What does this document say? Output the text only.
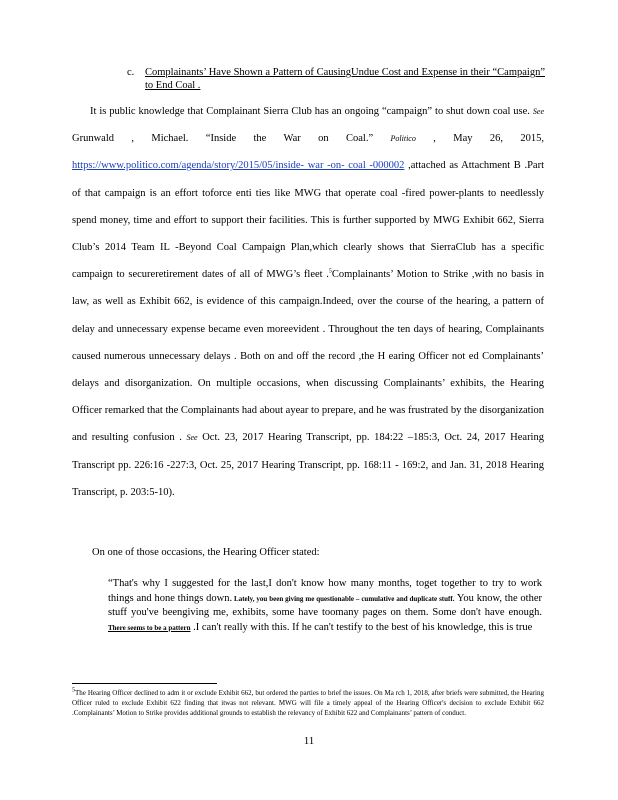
c. Complainants’ Have Shown a Pattern of CausingUndue Cost and Expense in their “Campaign” to End Coal .

It is public knowledge that Complainant Sierra Club has an ongoing “campaign” to shut down coal use. See Grunwald , Michael. “Inside the War on Coal.” Politico , May 26, 2015, https://www.politico.com/agenda/story/2015/05/inside- war -on- coal -000002 ,attached as Attachment B .Part of that campaign is an effort toforce enti ties like MWG that operate coal -fired power-plants to needlessly spend money, time and effort to support their facilities. This is further supported by MWG Exhibit 662, Sierra Club’s 2014 Team IL -Beyond Coal Campaign Plan,which clearly shows that SierraClub has a specific campaign to secureretirement dates of all of MWG’s fleet .$^5$Complainants’ Motion to Strike ,with no basis in law, as well as Exhibit 662, is evidence of this campaign.Indeed, over the course of the hearing, a pattern of delay and unnecessary expense became even moreevident . Throughout the ten days of hearing, Complainants caused numerous unnecessary delays . Both on and off the record ,the H earing Officer not ed Complainants’ delays and disorganization. On multiple occasions, when discussing Complainants’ exhibits, the Hearing Officer remarked that the Complainants had about ayear to prepare, and he was frustrated by the disorganization and resulting confusion . See Oct. 23, 2017 Hearing Transcript, pp. 184:22 –185:3, Oct. 24, 2017 Hearing Transcript pp. 226:16 -227:3, Oct. 25, 2017 Hearing Transcript, pp. 168:11 - 169:2, and Jan. 31, 2018 Hearing Transcript, p. 203:5-10).

On one of those occasions, the Hearing Officer stated:
“That's why I suggested for the last,I don't know how many months, toget together to try to work things and hone things down. Lately, you been giving me questionable – cumulative and duplicate stuff. You know, the other stuff you've beengiving me, exhibits, some have toomany pages on them. Some don't have enough. There seems to be a pattern .I can't really with this. If he can't testify to the best of his knowledge, this is true
$^5$The Hearing Officer declined to adm it or exclude Exhibit 662, but ordered the parties to brief the issues. On Ma rch 1, 2018, after briefs were submitted, the Hearing Officer ruled to exclude Exhibit 622 finding that itwas not relevant. MWG will file a timely appeal of the Hearing Officer's decision to exclude Exhibit 662 .Complainants’ Motion to Strike provides additional grounds to establish the relevancy of Exhibit 622 and Complainants’ pattern of conduct.
11
